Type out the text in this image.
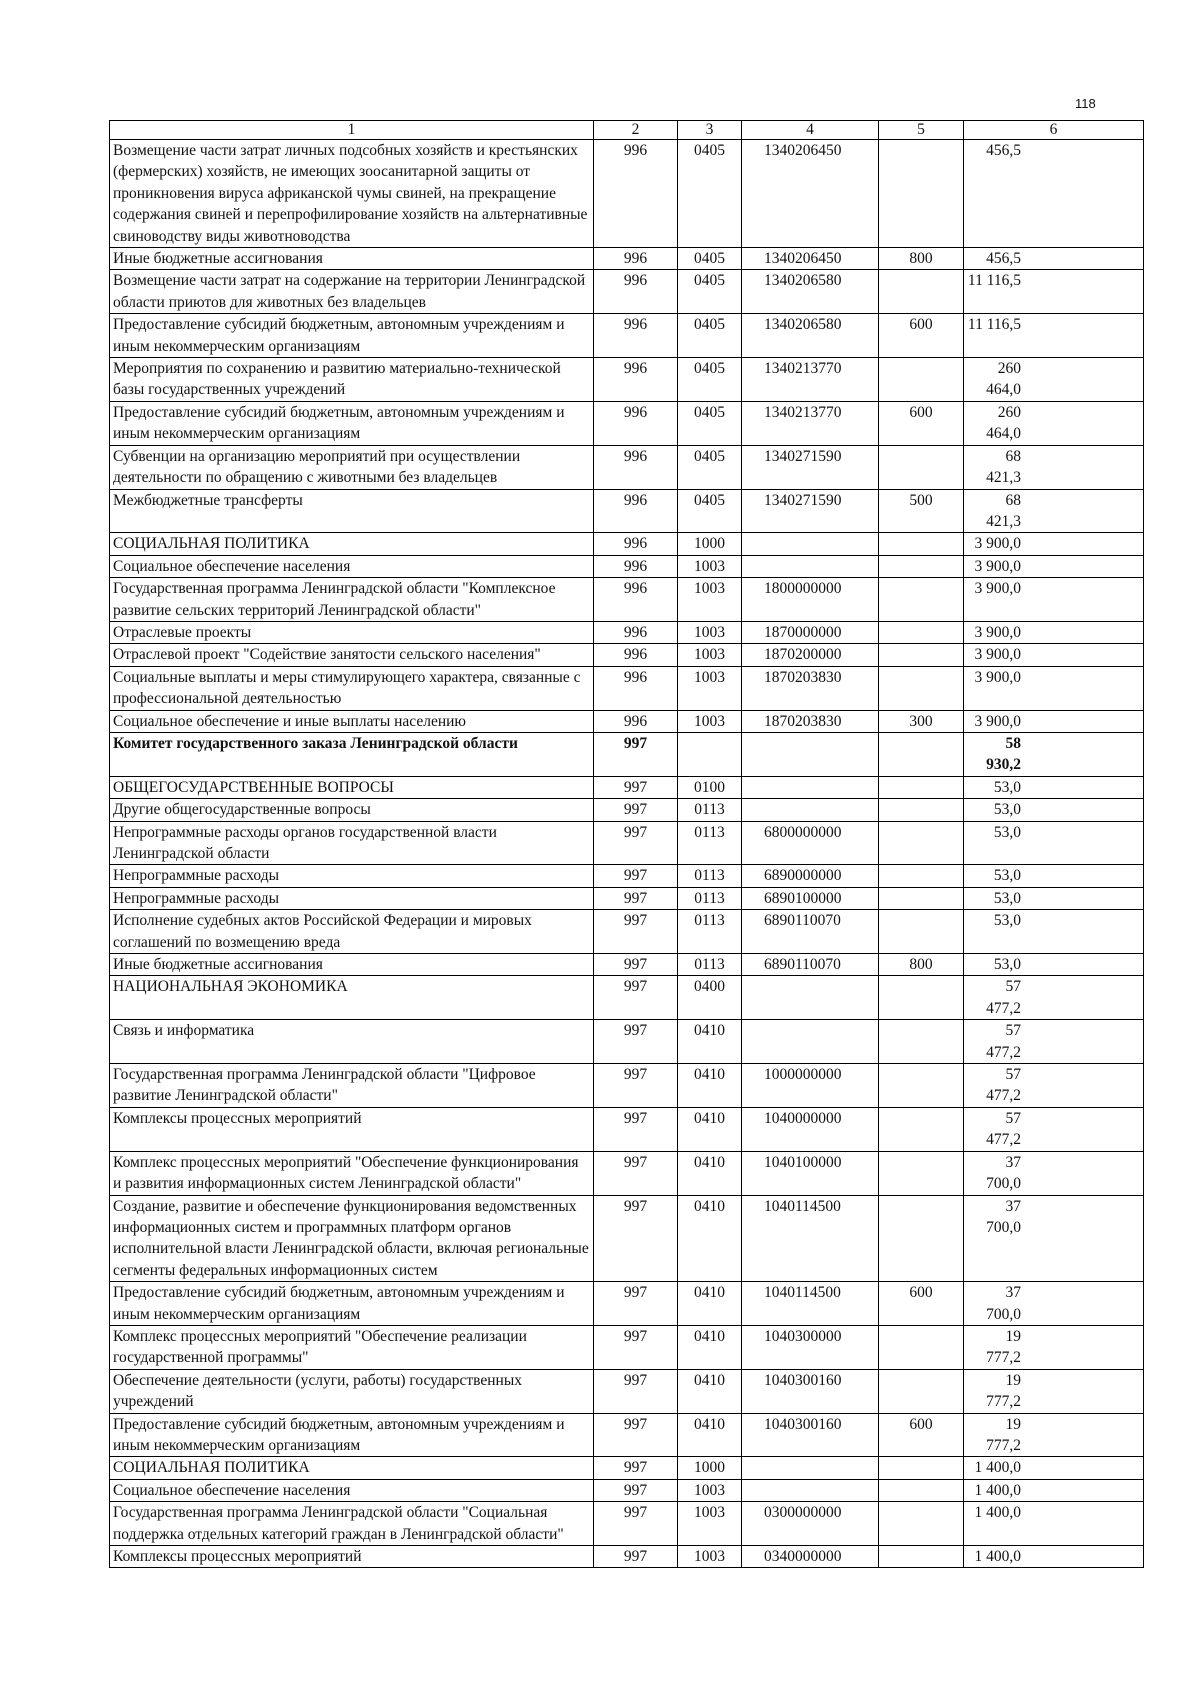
118
1	2	3	4	5	6
Возмещение части затрат личных подсобных хозяйств и крестьянских (фермерских) хозяйств, не имеющих зоосанитарной защиты от проникновения вируса африканской чумы свиней, на прекращение содержания свиней и перепрофилирование хозяйств на альтернативные свиноводству виды животноводства	996	0405	1340206450		456,5
Иные бюджетные ассигнования	996	0405	1340206450	800	456,5
Возмещение части затрат на содержание на территории Ленинградской области приютов для животных без владельцев	996	0405	1340206580		11 116,5
Предоставление субсидий бюджетным, автономным учреждениям и иным некоммерческим организациям	996	0405	1340206580	600	11 116,5
Мероприятия по сохранению и развитию материально-технической базы государственных учреждений	996	0405	1340213770		260 464,0
Предоставление субсидий бюджетным, автономным учреждениям и иным некоммерческим организациям	996	0405	1340213770	600	260 464,0
Субвенции на организацию мероприятий при осуществлении деятельности по обращению с животными без владельцев	996	0405	1340271590		68 421,3
Межбюджетные трансферты	996	0405	1340271590	500	68 421,3
СОЦИАЛЬНАЯ ПОЛИТИКА	996	1000			3 900,0
Социальное обеспечение населения	996	1003			3 900,0
Государственная программа Ленинградской области "Комплексное развитие сельских территорий Ленинградской области"	996	1003	1800000000		3 900,0
Отраслевые проекты	996	1003	1870000000		3 900,0
Отраслевой проект "Содействие занятости сельского населения"	996	1003	1870200000		3 900,0
Социальные выплаты и меры стимулирующего характера, связанные с профессиональной деятельностью	996	1003	1870203830		3 900,0
Социальное обеспечение и иные выплаты населению	996	1003	1870203830	300	3 900,0
Комитет государственного заказа Ленинградской области	997				58 930,2
ОБЩЕГОСУДАРСТВЕННЫЕ ВОПРОСЫ	997	0100			53,0
Другие общегосударственные вопросы	997	0113			53,0
Непрограммные расходы органов государственной власти Ленинградской области	997	0113	6800000000		53,0
Непрограммные расходы	997	0113	6890000000		53,0
Непрограммные расходы	997	0113	6890100000		53,0
Исполнение судебных актов Российской Федерации и мировых соглашений по возмещению вреда	997	0113	6890110070		53,0
Иные бюджетные ассигнования	997	0113	6890110070	800	53,0
НАЦИОНАЛЬНАЯ ЭКОНОМИКА	997	0400			57 477,2
Связь и информатика	997	0410			57 477,2
Государственная программа Ленинградской области "Цифровое развитие Ленинградской области"	997	0410	1000000000		57 477,2
Комплексы процессных мероприятий	997	0410	1040000000		57 477,2
Комплекс процессных мероприятий "Обеспечение функционирования и развития информационных систем Ленинградской области"	997	0410	1040100000		37 700,0
Создание, развитие и обеспечение функционирования ведомственных информационных систем и программных платформ органов исполнительной власти Ленинградской области, включая региональные сегменты федеральных информационных систем	997	0410	1040114500		37 700,0
Предоставление субсидий бюджетным, автономным учреждениям и иным некоммерческим организациям	997	0410	1040114500	600	37 700,0
Комплекс процессных мероприятий "Обеспечение реализации государственной программы"	997	0410	1040300000		19 777,2
Обеспечение деятельности (услуги, работы) государственных учреждений	997	0410	1040300160		19 777,2
Предоставление субсидий бюджетным, автономным учреждениям и иным некоммерческим организациям	997	0410	1040300160	600	19 777,2
СОЦИАЛЬНАЯ ПОЛИТИКА	997	1000			1 400,0
Социальное обеспечение населения	997	1003			1 400,0
Государственная программа Ленинградской области "Социальная поддержка отдельных категорий граждан в Ленинградской области"	997	1003	0300000000		1 400,0
Комплексы процессных мероприятий	997	1003	0340000000		1 400,0
